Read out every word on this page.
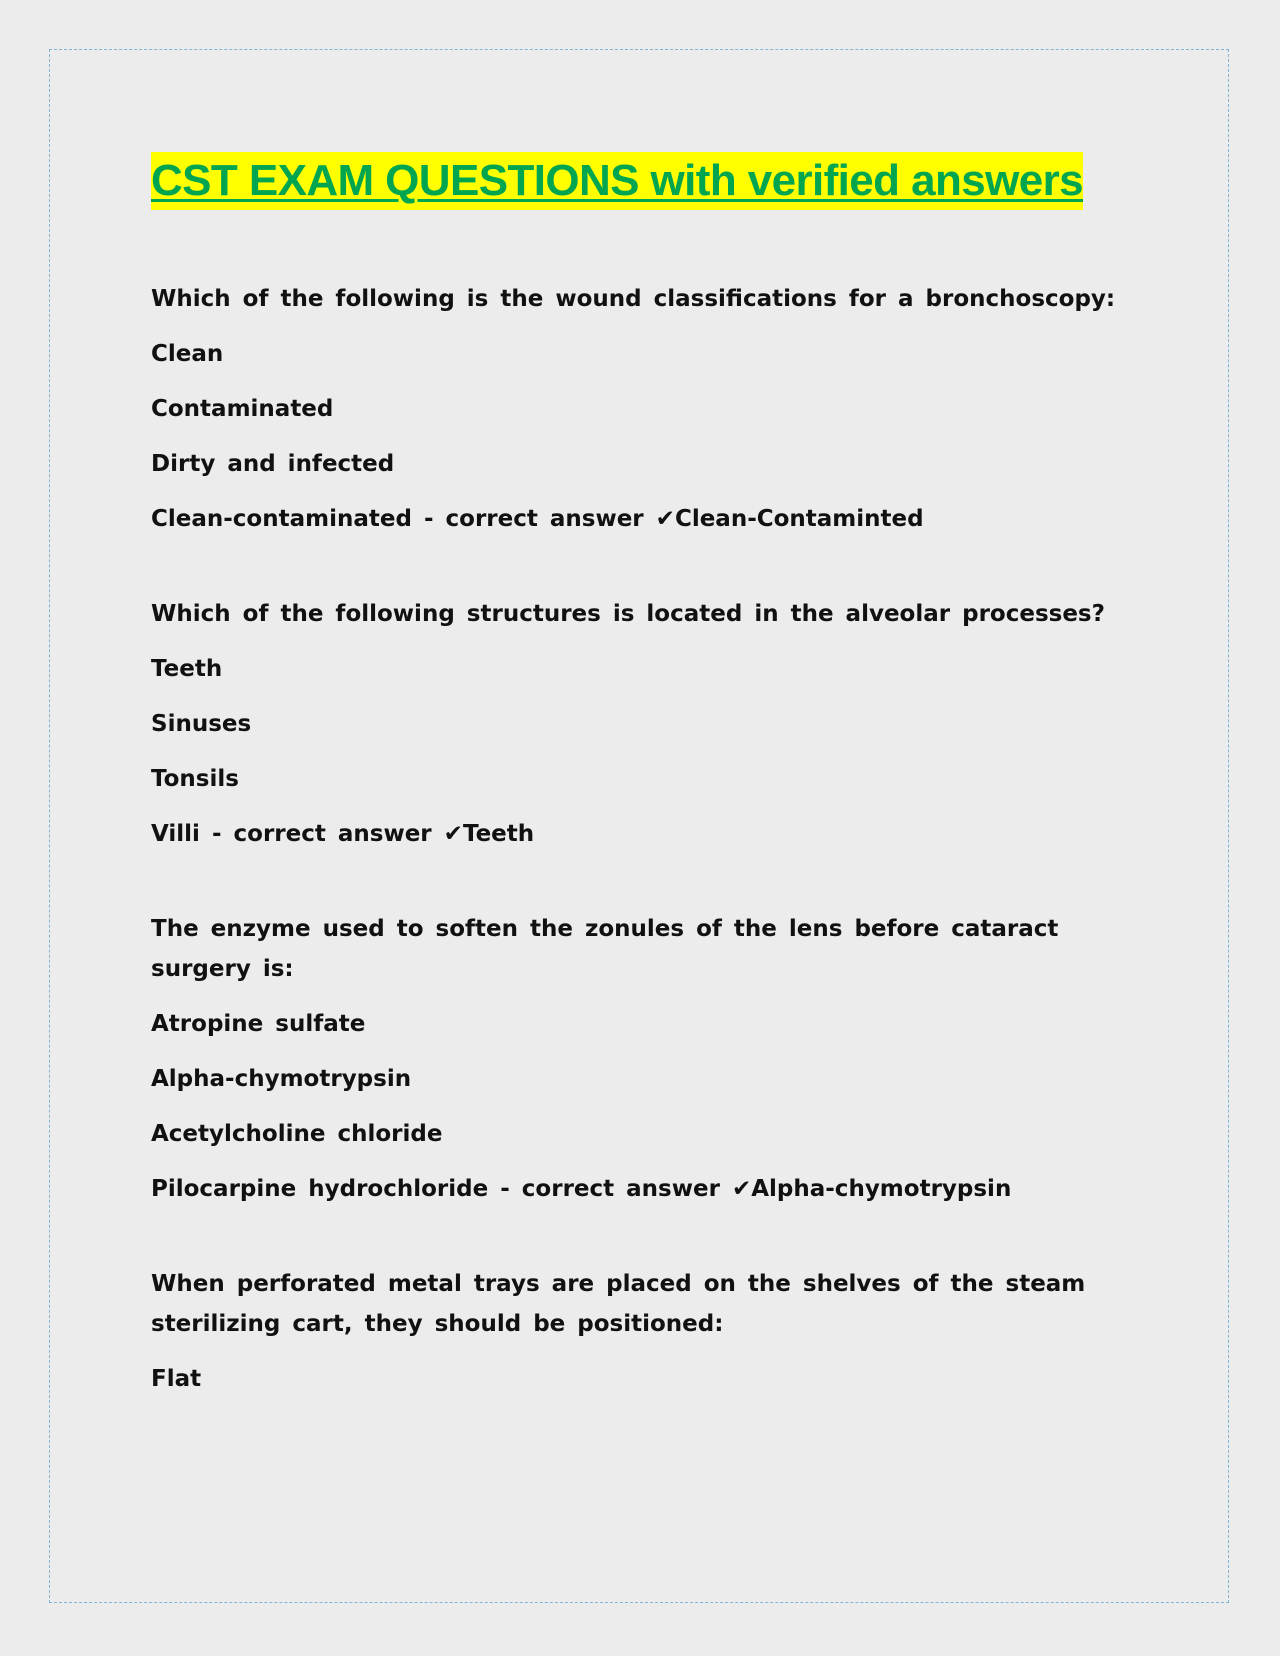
CST EXAM QUESTIONS with verified answers

Which of the following is the wound classifications for a bronchoscopy:

Clean

Contaminated

Dirty and infected

Clean-contaminated - correct answer ✔Clean-Contaminted

Which of the following structures is located in the alveolar processes?

Teeth

Sinuses

Tonsils

Villi - correct answer ✔Teeth

The enzyme used to soften the zonules of the lens before cataract surgery is:

Atropine sulfate

Alpha-chymotrypsin

Acetylcholine chloride

Pilocarpine hydrochloride - correct answer ✔Alpha-chymotrypsin

When perforated metal trays are placed on the shelves of the steam sterilizing cart, they should be positioned:

Flat
